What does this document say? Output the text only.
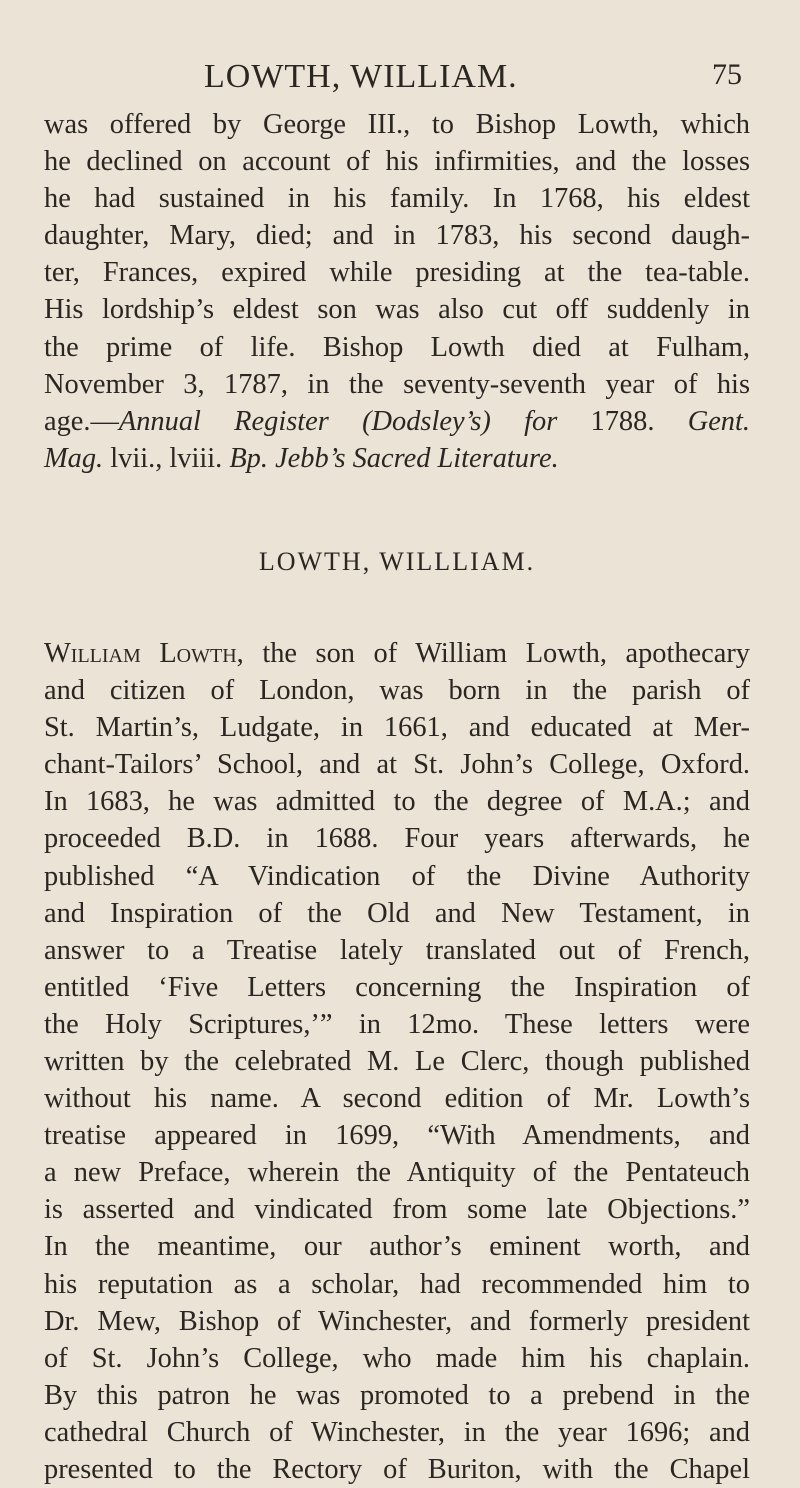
LOWTH, WILLIAM.	75
was offered by George III., to Bishop Lowth, which
he declined on account of his infirmities, and the losses
he had sustained in his family. In 1768, his eldest
daughter, Mary, died; and in 1783, his second daugh-
ter, Frances, expired while presiding at the tea-table.
His lordship’s eldest son was also cut off suddenly in
the prime of life. Bishop Lowth died at Fulham,
November 3, 1787, in the seventy-seventh year of his
age.—Annual Register (Dodsley’s) for 1788. Gent.
Mag. lvii., lviii. Bp. Jebb’s Sacred Literature.
LOWTH, WILLLIAM.
William Lowth, the son of William Lowth, apothecary
and citizen of London, was born in the parish of
St. Martin’s, Ludgate, in 1661, and educated at Mer-
chant-Tailors’ School, and at St. John’s College, Oxford.
In 1683, he was admitted to the degree of M.A.; and
proceeded B.D. in 1688. Four years afterwards, he
published “A Vindication of the Divine Authority
and Inspiration of the Old and New Testament, in
answer to a Treatise lately translated out of French,
entitled ‘Five Letters concerning the Inspiration of
the Holy Scriptures,’” in 12mo. These letters were
written by the celebrated M. Le Clerc, though published
without his name. A second edition of Mr. Lowth’s
treatise appeared in 1699, “With Amendments, and
a new Preface, wherein the Antiquity of the Pentateuch
is asserted and vindicated from some late Objections.”
In the meantime, our author’s eminent worth, and
his reputation as a scholar, had recommended him to
Dr. Mew, Bishop of Winchester, and formerly president
of St. John’s College, who made him his chaplain.
By this patron he was promoted to a prebend in the
cathedral Church of Winchester, in the year 1696; and
presented to the Rectory of Buriton, with the Chapel
